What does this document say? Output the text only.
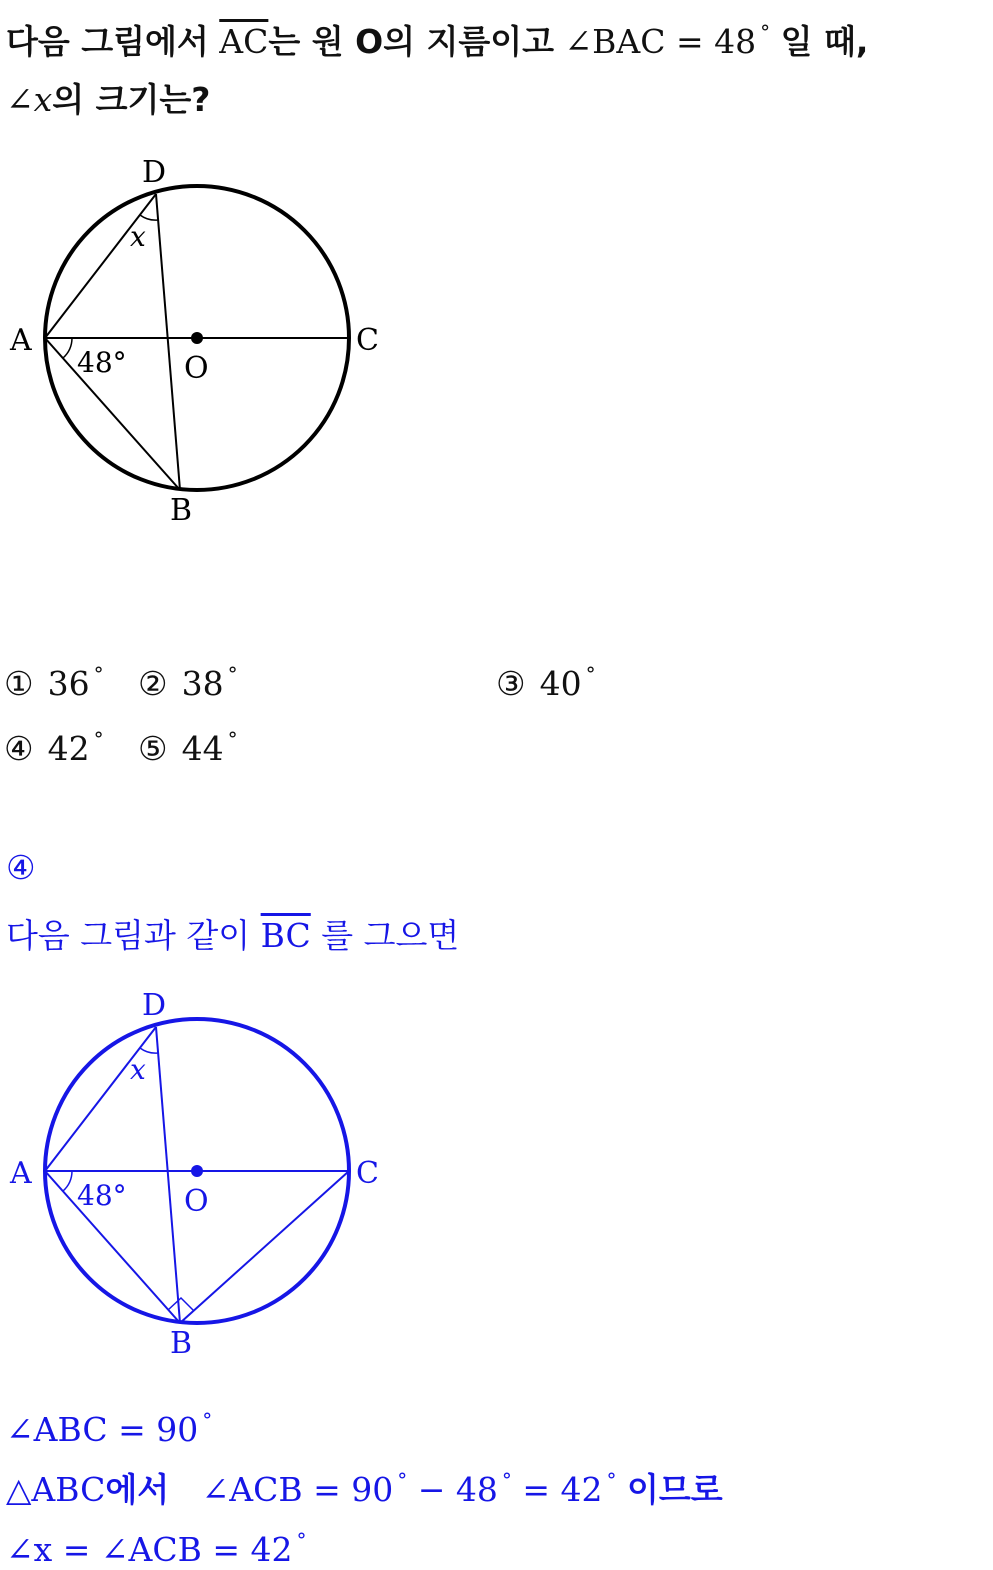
다음 그림에서 $\overline{AC}$는 원 O의 지름이고 ∠BAC = 48 ° 일 때,
∠x의 크기는?
D
A	C
O
B
x
48°
① 36 ° ② 38 °	③ 40 °
④ 42 ° ⑤ 44 °
④
다음 그림과 같이 $\overline{BC}$ 를 그으면
D
A	C
O
B
x
48°
∠ABC = 90 °
△ABC에서 ∠ACB = 90 ° − 48 ° = 42 ° 이므로
∠x = ∠ACB = 42 °
